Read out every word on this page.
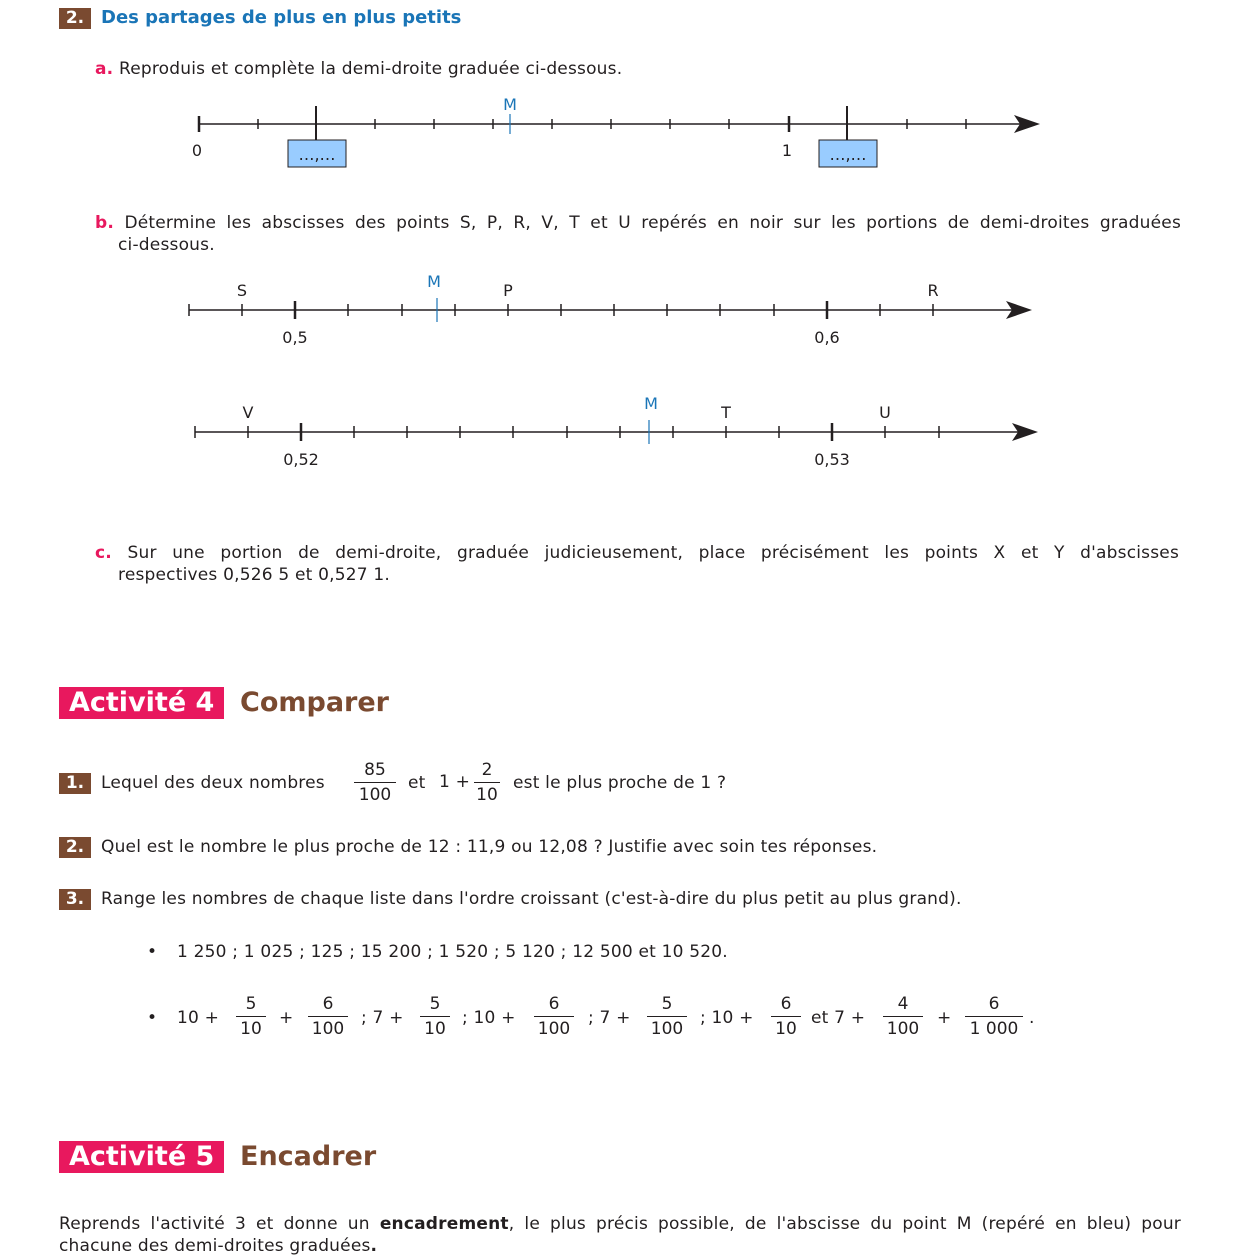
2. Des partages de plus en plus petits
a. Reproduis et complète la demi-droite graduée ci-dessous.
M
0	1
…,…	…,…
b. Détermine les abscisses des points S, P, R, V, T et U repérés en noir sur les portions de demi-droites graduées
ci-dessous.
M
S	P	R
0,5	0,6
M
V	T	U
0,52	0,53
c. Sur une portion de demi-droite, graduée judicieusement, place précisément les points X et Y d'abscisses
respectives 0,526 5 et 0,527 1.
Activité 4 Comparer
1. Lequel des deux nombres $\frac{85}{100}$ et $1 + \frac{2}{10}$ est le plus proche de 1 ?
2. Quel est le nombre le plus proche de 12 : 11,9 ou 12,08 ? Justifie avec soin tes réponses.
3. Range les nombres de chaque liste dans l'ordre croissant (c'est-à-dire du plus petit au plus grand).
• 1 250 ; 1 025 ; 125 ; 15 200 ; 1 520 ; 5 120 ; 12 500 et 10 520.
• $10 + \frac{5}{10} + \frac{6}{100}$ ; $7 + \frac{5}{10}$ ; $10 + \frac{6}{100}$ ; $7 + \frac{5}{100}$ ; $10 + \frac{6}{10}$ et $7 + \frac{4}{100} + \frac{6}{1 000}$ .
Activité 5 Encadrer
Reprends l'activité 3 et donne un encadrement, le plus précis possible, de l'abscisse du point M (repéré en bleu) pour
chacune des demi-droites graduées.
